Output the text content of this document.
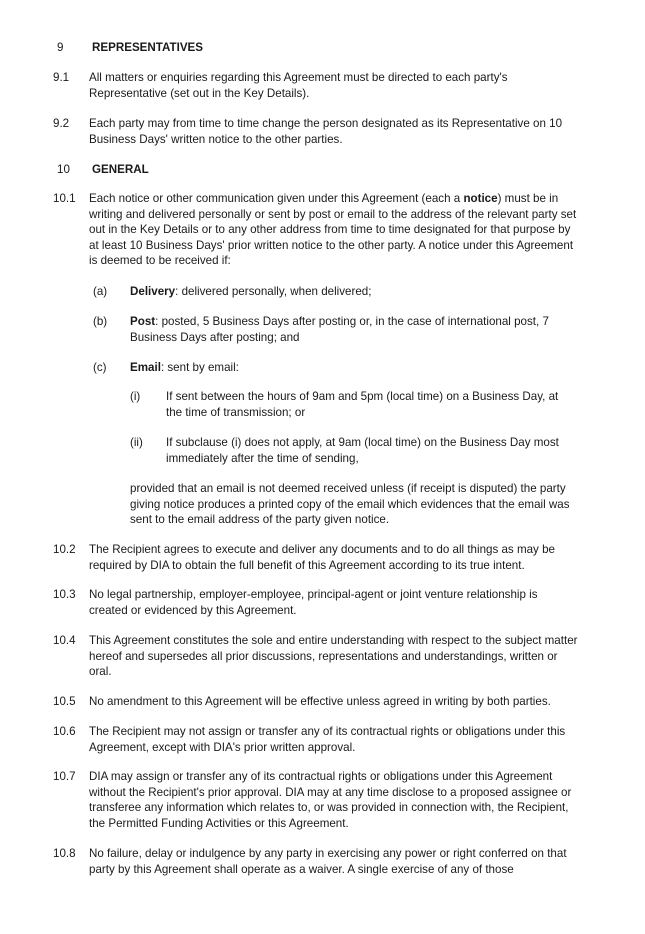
9 REPRESENTATIVES
9.1 All matters or enquiries regarding this Agreement must be directed to each party's Representative (set out in the Key Details).
9.2 Each party may from time to time change the person designated as its Representative on 10 Business Days' written notice to the other parties.
10 GENERAL
10.1 Each notice or other communication given under this Agreement (each a notice) must be in writing and delivered personally or sent by post or email to the address of the relevant party set out in the Key Details or to any other address from time to time designated for that purpose by at least 10 Business Days' prior written notice to the other party. A notice under this Agreement is deemed to be received if:
(a) Delivery: delivered personally, when delivered;
(b) Post: posted, 5 Business Days after posting or, in the case of international post, 7 Business Days after posting; and
(c) Email: sent by email:
(i) If sent between the hours of 9am and 5pm (local time) on a Business Day, at the time of transmission; or
(ii) If subclause (i) does not apply, at 9am (local time) on the Business Day most immediately after the time of sending,
provided that an email is not deemed received unless (if receipt is disputed) the party giving notice produces a printed copy of the email which evidences that the email was sent to the email address of the party given notice.
10.2 The Recipient agrees to execute and deliver any documents and to do all things as may be required by DIA to obtain the full benefit of this Agreement according to its true intent.
10.3 No legal partnership, employer-employee, principal-agent or joint venture relationship is created or evidenced by this Agreement.
10.4 This Agreement constitutes the sole and entire understanding with respect to the subject matter hereof and supersedes all prior discussions, representations and understandings, written or oral.
10.5 No amendment to this Agreement will be effective unless agreed in writing by both parties.
10.6 The Recipient may not assign or transfer any of its contractual rights or obligations under this Agreement, except with DIA's prior written approval.
10.7 DIA may assign or transfer any of its contractual rights or obligations under this Agreement without the Recipient's prior approval. DIA may at any time disclose to a proposed assignee or transferee any information which relates to, or was provided in connection with, the Recipient, the Permitted Funding Activities or this Agreement.
10.8 No failure, delay or indulgence by any party in exercising any power or right conferred on that party by this Agreement shall operate as a waiver. A single exercise of any of those
